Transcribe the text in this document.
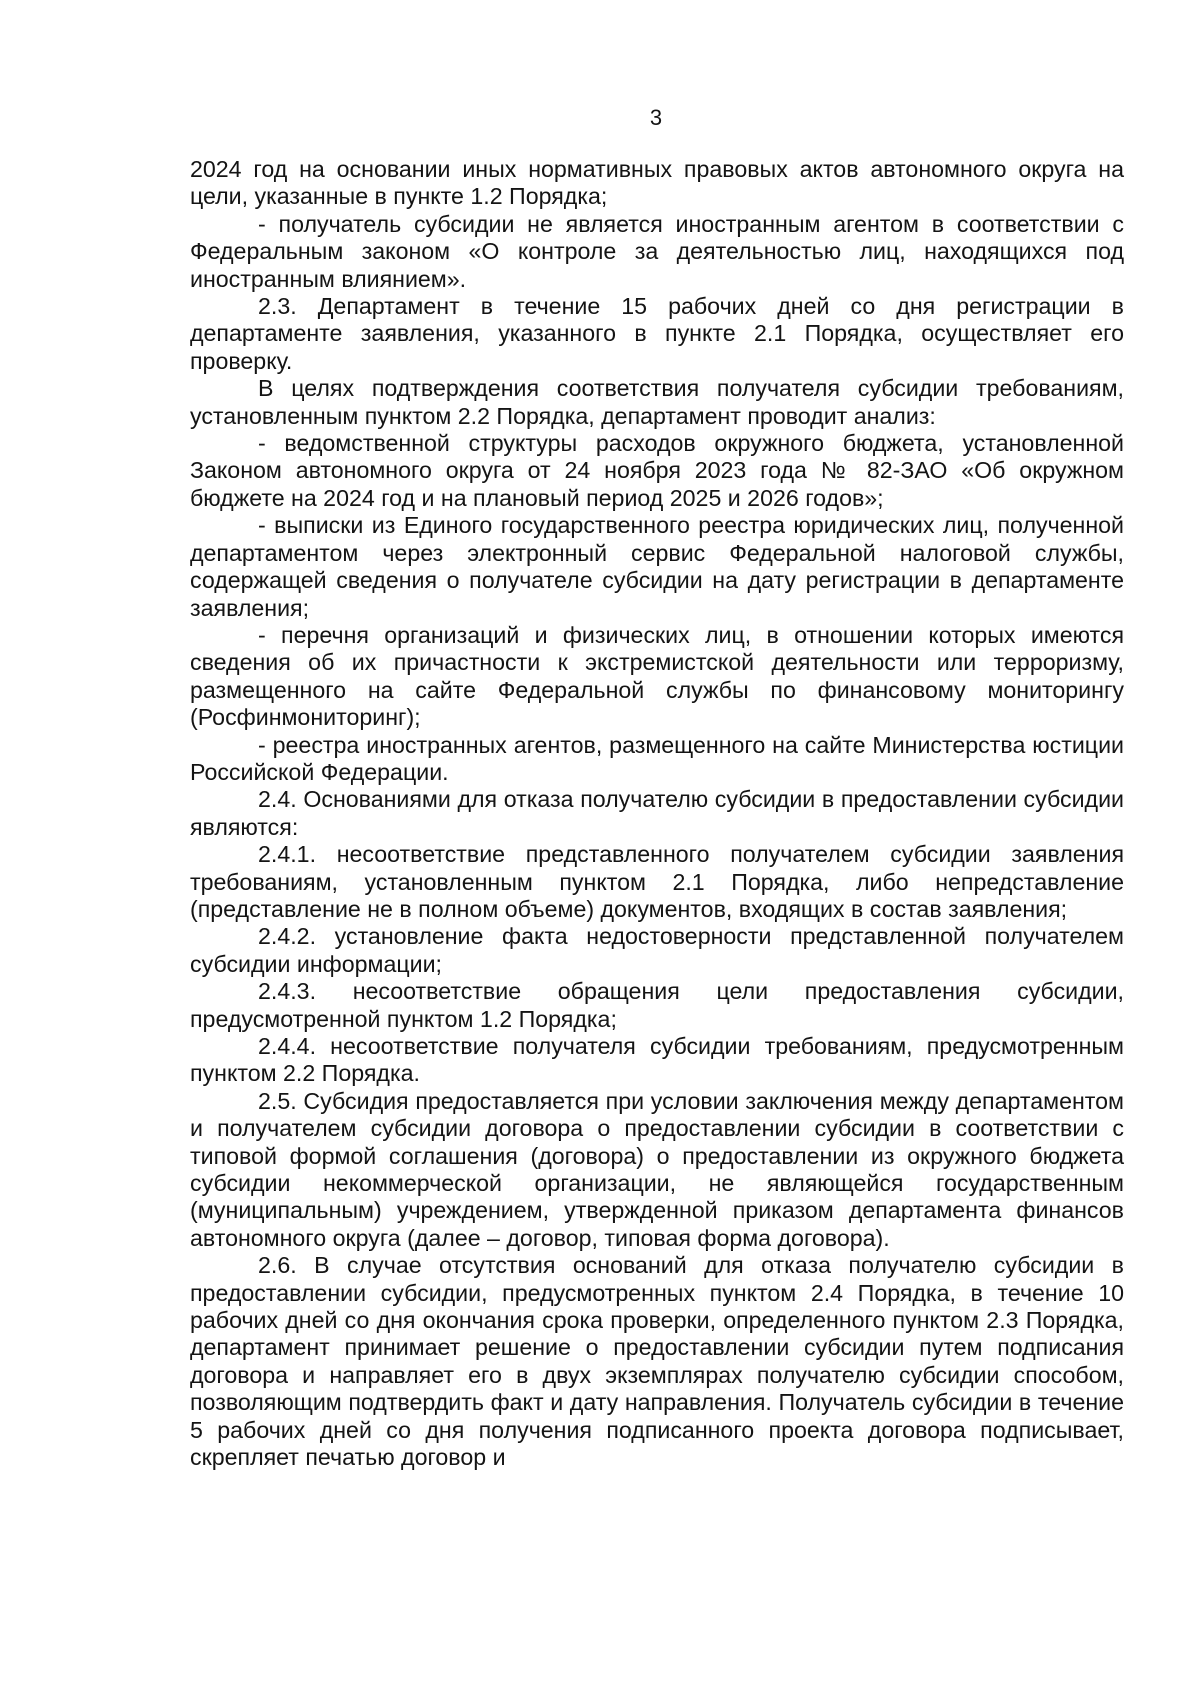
3

2024 год на основании иных нормативных правовых актов автономного округа на цели, указанные в пункте 1.2 Порядка;

- получатель субсидии не является иностранным агентом в соответствии с Федеральным законом «О контроле за деятельностью лиц, находящихся под иностранным влиянием».

2.3. Департамент в течение 15 рабочих дней со дня регистрации в департаменте заявления, указанного в пункте 2.1 Порядка, осуществляет его проверку.

В целях подтверждения соответствия получателя субсидии требованиям, установленным пунктом 2.2 Порядка, департамент проводит анализ:

- ведомственной структуры расходов окружного бюджета, установленной Законом автономного округа от 24 ноября 2023 года № 82-ЗАО «Об окружном бюджете на 2024 год и на плановый период 2025 и 2026 годов»;

- выписки из Единого государственного реестра юридических лиц, полученной департаментом через электронный сервис Федеральной налоговой службы, содержащей сведения о получателе субсидии на дату регистрации в департаменте заявления;

- перечня организаций и физических лиц, в отношении которых имеются сведения об их причастности к экстремистской деятельности или терроризму, размещенного на сайте Федеральной службы по финансовому мониторингу (Росфинмониторинг);

- реестра иностранных агентов, размещенного на сайте Министерства юстиции Российской Федерации.

2.4. Основаниями для отказа получателю субсидии в предоставлении субсидии являются:

2.4.1. несоответствие представленного получателем субсидии заявления требованиям, установленным пунктом 2.1 Порядка, либо непредставление (представление не в полном объеме) документов, входящих в состав заявления;

2.4.2. установление факта недостоверности представленной получателем субсидии информации;

2.4.3. несоответствие обращения цели предоставления субсидии, предусмотренной пунктом 1.2 Порядка;

2.4.4. несоответствие получателя субсидии требованиям, предусмотренным пунктом 2.2 Порядка.

2.5. Субсидия предоставляется при условии заключения между департаментом и получателем субсидии договора о предоставлении субсидии в соответствии с типовой формой соглашения (договора) о предоставлении из окружного бюджета субсидии некоммерческой организации, не являющейся государственным (муниципальным) учреждением, утвержденной приказом департамента финансов автономного округа (далее – договор, типовая форма договора).

2.6. В случае отсутствия оснований для отказа получателю субсидии в предоставлении субсидии, предусмотренных пунктом 2.4 Порядка, в течение 10 рабочих дней со дня окончания срока проверки, определенного пунктом 2.3 Порядка, департамент принимает решение о предоставлении субсидии путем подписания договора и направляет его в двух экземплярах получателю субсидии способом, позволяющим подтвердить факт и дату направления. Получатель субсидии в течение 5 рабочих дней со дня получения подписанного проекта договора подписывает, скрепляет печатью договор и
